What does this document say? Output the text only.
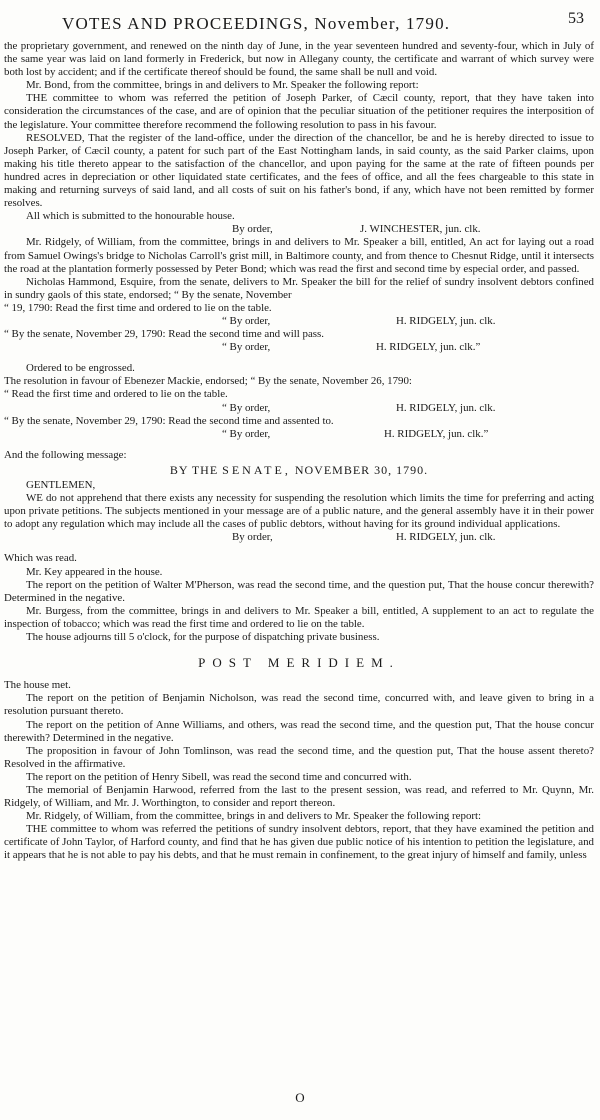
VOTES AND PROCEEDINGS, November, 1790.	53

the proprietary government, and renewed on the ninth day of June, in the year seventeen hundred and seventy-four, which in July of the same year was laid on land formerly in Frederick, but now in Allegany county, the certificate and warrant of which survey were both lost by accident; and if the certificate thereof should be found, the same shall be null and void.

Mr. Bond, from the committee, brings in and delivers to Mr. Speaker the following report:

THE committee to whom was referred the petition of Joseph Parker, of Cæcil county, report, that they have taken into consideration the circumstances of the case, and are of opinion that the peculiar situation of the petitioner requires the interposition of the legislature. Your committee therefore recommend the following resolution to pass in his favour.

RESOLVED, That the register of the land-office, under the direction of the chancellor, be and he is hereby directed to issue to Joseph Parker, of Cæcil county, a patent for such part of the East Nottingham lands, in said county, as the said Parker claims, upon making his title thereto appear to the satisfaction of the chancellor, and upon paying for the same at the rate of fifteen pounds per hundred acres in depreciation or other liquidated state certificates, and the fees of office, and all the fees chargeable to this state in making and returning surveys of said land, and all costs of suit on his father's bond, if any, which have not been remitted by former resolves.

All which is submitted to the honourable house.

By order,	J. WINCHESTER, jun. clk.

Mr. Ridgely, of William, from the committee, brings in and delivers to Mr. Speaker a bill, entitled, An act for laying out a road from Samuel Owings's bridge to Nicholas Carroll's grist mill, in Baltimore county, and from thence to Chesnut Ridge, until it intersects the road at the plantation formerly possessed by Peter Bond; which was read the first and second time by especial order, and passed.

Nicholas Hammond, Esquire, from the senate, delivers to Mr. Speaker the bill for the relief of sundry insolvent debtors confined in sundry gaols of this state, endorsed; “ By the senate, November

“ 19, 1790: Read the first time and ordered to lie on the table.

“ By order,	H. RIDGELY, jun. clk.

“ By the senate, November 29, 1790: Read the second time and will pass.

“ By order,	H. RIDGELY, jun. clk.”

Ordered to be engrossed.

The resolution in favour of Ebenezer Mackie, endorsed; “ By the senate, November 26, 1790:

“ Read the first time and ordered to lie on the table.

“ By order,	H. RIDGELY, jun. clk.

“ By the senate, November 29, 1790: Read the second time and assented to.

“ By order,	H. RIDGELY, jun. clk.”

And the following message:

BY THE SENATE, NOVEMBER 30, 1790.

GENTLEMEN,

WE do not apprehend that there exists any necessity for suspending the resolution which limits the time for preferring and acting upon private petitions. The subjects mentioned in your message are of a public nature, and the general assembly have it in their power to adopt any regulation which may include all the cases of public debtors, without having for its ground individual applications.

By order,	H. RIDGELY, jun. clk.

Which was read.

Mr. Key appeared in the house.

The report on the petition of Walter M'Pherson, was read the second time, and the question put, That the house concur therewith? Determined in the negative.

Mr. Burgess, from the committee, brings in and delivers to Mr. Speaker a bill, entitled, A supplement to an act to regulate the inspection of tobacco; which was read the first time and ordered to lie on the table.

The house adjourns till 5 o'clock, for the purpose of dispatching private business.

POST MERIDIEM.

The house met.

The report on the petition of Benjamin Nicholson, was read the second time, concurred with, and leave given to bring in a resolution pursuant thereto.

The report on the petition of Anne Williams, and others, was read the second time, and the question put, That the house concur therewith? Determined in the negative.

The proposition in favour of John Tomlinson, was read the second time, and the question put, That the house assent thereto? Resolved in the affirmative.

The report on the petition of Henry Sibell, was read the second time and concurred with.

The memorial of Benjamin Harwood, referred from the last to the present session, was read, and referred to Mr. Quynn, Mr. Ridgely, of William, and Mr. J. Worthington, to consider and report thereon.

Mr. Ridgely, of William, from the committee, brings in and delivers to Mr. Speaker the following report:

THE committee to whom was referred the petitions of sundry insolvent debtors, report, that they have examined the petition and certificate of John Taylor, of Harford county, and find that he has given due public notice of his intention to petition the legislature, and it appears that he is not able to pay his debts, and that he must remain in confinement, to the great injury of himself and family, unless

O
